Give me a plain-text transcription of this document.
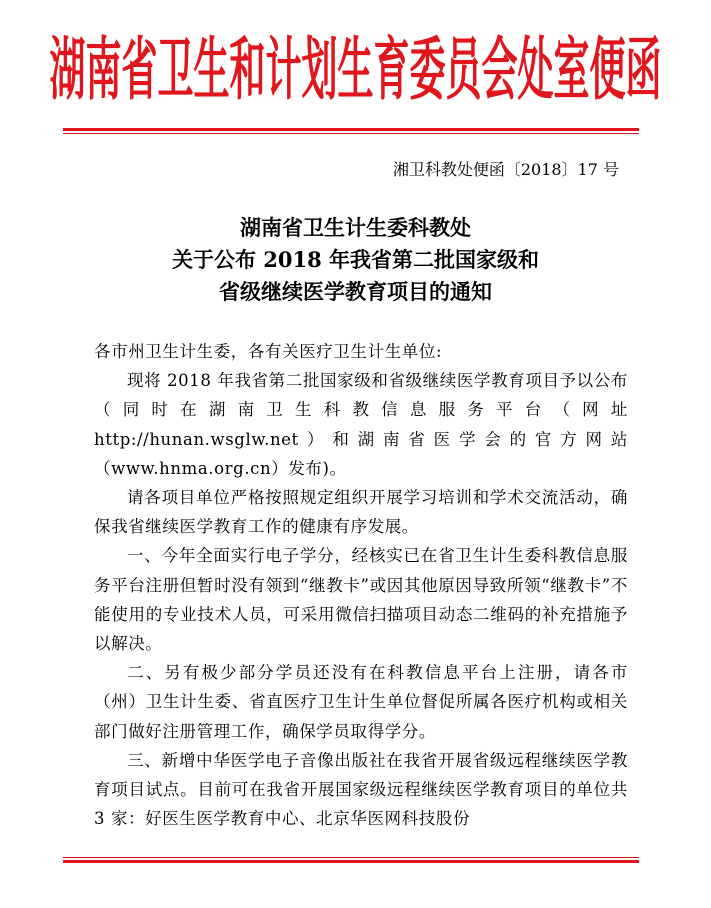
湖南省卫生和计划生育委员会处室便函
湘卫科教处便函〔2018〕17 号
湖南省卫生计生委科教处
关于公布 2018 年我省第二批国家级和
省级继续医学教育项目的通知

各市州卫生计生委，各有关医疗卫生计生单位:

现将 2018 年我省第二批国家级和省级继续医学教育项目予以公布（同时在湖南卫生科教信息服务平台（网址 http://hunan.wsglw.net）和湖南省医学会的官方网站（www.hnma.org.cn）发布)。

请各项目单位严格按照规定组织开展学习培训和学术交流活动，确保我省继续医学教育工作的健康有序发展。

一、今年全面实行电子学分，经核实已在省卫生计生委科教信息服务平台注册但暂时没有领到“继教卡”或因其他原因导致所领“继教卡”不能使用的专业技术人员，可采用微信扫描项目动态二维码的补充措施予以解决。

二、另有极少部分学员还没有在科教信息平台上注册，请各市（州）卫生计生委、省直医疗卫生计生单位督促所属各医疗机构或相关部门做好注册管理工作，确保学员取得学分。

三、新增中华医学电子音像出版社在我省开展省级远程继续医学教育项目试点。目前可在我省开展国家级远程继续医学教育项目的单位共 3 家：好医生医学教育中心、北京华医网科技股份
